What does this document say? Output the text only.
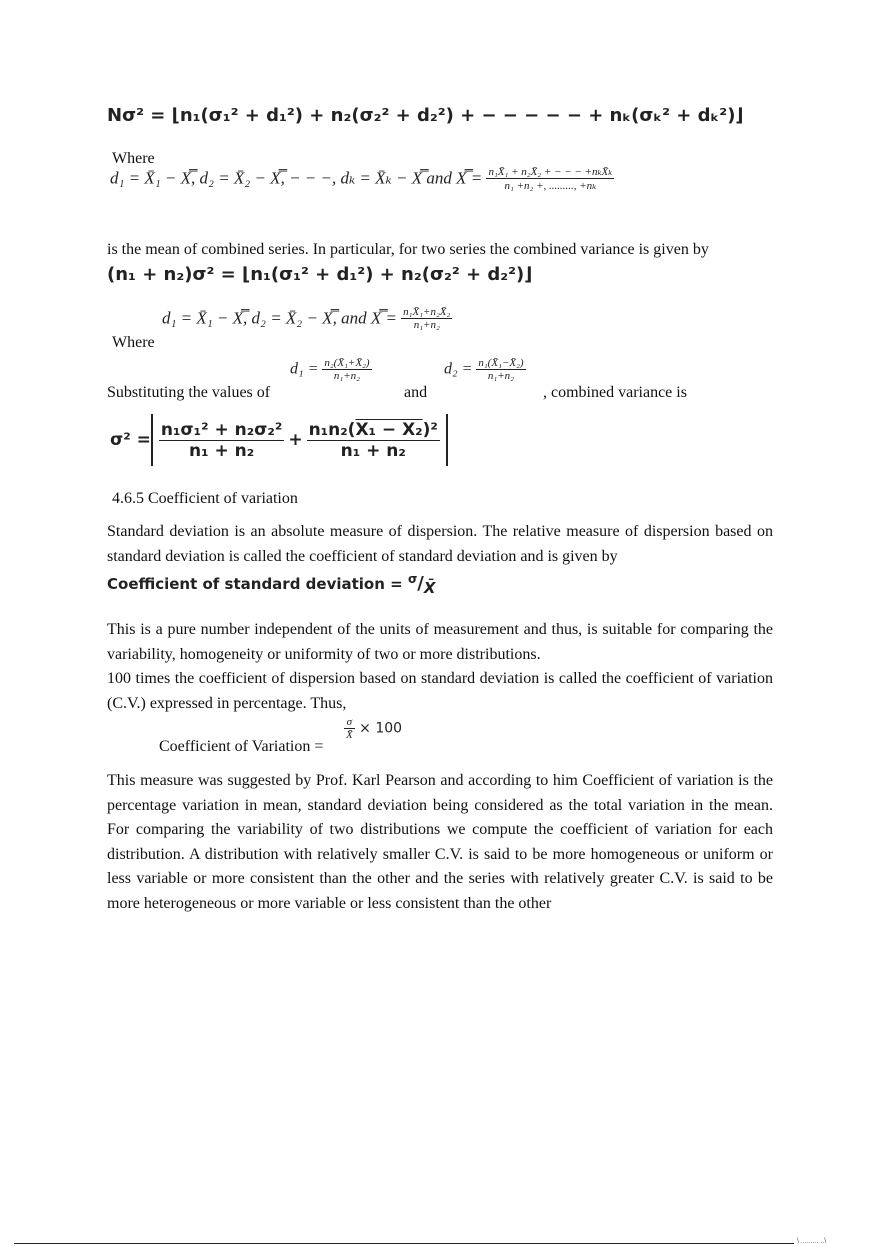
Nσ² = ⌊n₁(σ₁² + d₁²) + n₂(σ₂² + d₂²) + − − − − − + nₖ(σₖ² + dₖ²)⌋
Where
d₁ = X̄₁ − X̿, d₂ = X̄₂ − X̿, − − −, dₖ = X̄ₖ − X̿ and X̿ = $\frac{\text{n₁X̄₁ + n₂X̄₂ + − − − +nₖX̄ₖ}}{\text{n₁ +n₂ +, ........., +nₖ}}$
is the mean of combined series. In particular, for two series the combined variance is given by
(n₁ + n₂)σ² = ⌊n₁(σ₁² + d₁²) + n₂(σ₂² + d₂²)⌋
d₁ = X̄₁ − X̿, d₂ = X̄₂ − X̿, and X̿ = $\frac{\text{n₁X̄₁+n₂X̄₂}}{\text{n₁+n₂}}$
Where
Substituting the values of
$d_1 = \frac{\text{n₂(X̄₁+X̄₂)}}{\text{n₁+n₂}}$
and
$d_2 = \frac{\text{n₁(X̄₁−X̄₂)}}{\text{n₁+n₂}}$
, combined variance is
$\sigma^2 = \frac{\text{n₁σ₁² + n₂σ₂²}}{\text{n₁ + n₂}} + \frac{\text{n₁n₂(X₁ − X₂)²}}{\text{n₁ + n₂}}$
4.6.5 Coefficient of variation
Standard deviation is an absolute measure of dispersion. The relative measure of dispersion based on standard deviation is called the coefficient of standard deviation and is given by
Coefficient of standard deviation = $^\sigma$/X̄
This is a pure number independent of the units of measurement and thus, is suitable for comparing the variability, homogeneity or uniformity of two or more distributions.
100 times the coefficient of dispersion based on standard deviation is called the coefficient of variation (C.V.) expressed in percentage. Thus,
Coefficient of Variation =
$\frac{\sigma}{X̄} \times 100$
This measure was suggested by Prof. Karl Pearson and according to him Coefficient of variation is the percentage variation in mean, standard deviation being considered as the total variation in the mean. For comparing the variability of two distributions we compute the coefficient of variation for each distribution. A distribution with relatively smaller C.V. is said to be more homogeneous or uniform or less variable or more consistent than the other and the series with relatively greater C.V. is said to be more heterogeneous or more variable or less consistent than the other
\ ......... ..\
